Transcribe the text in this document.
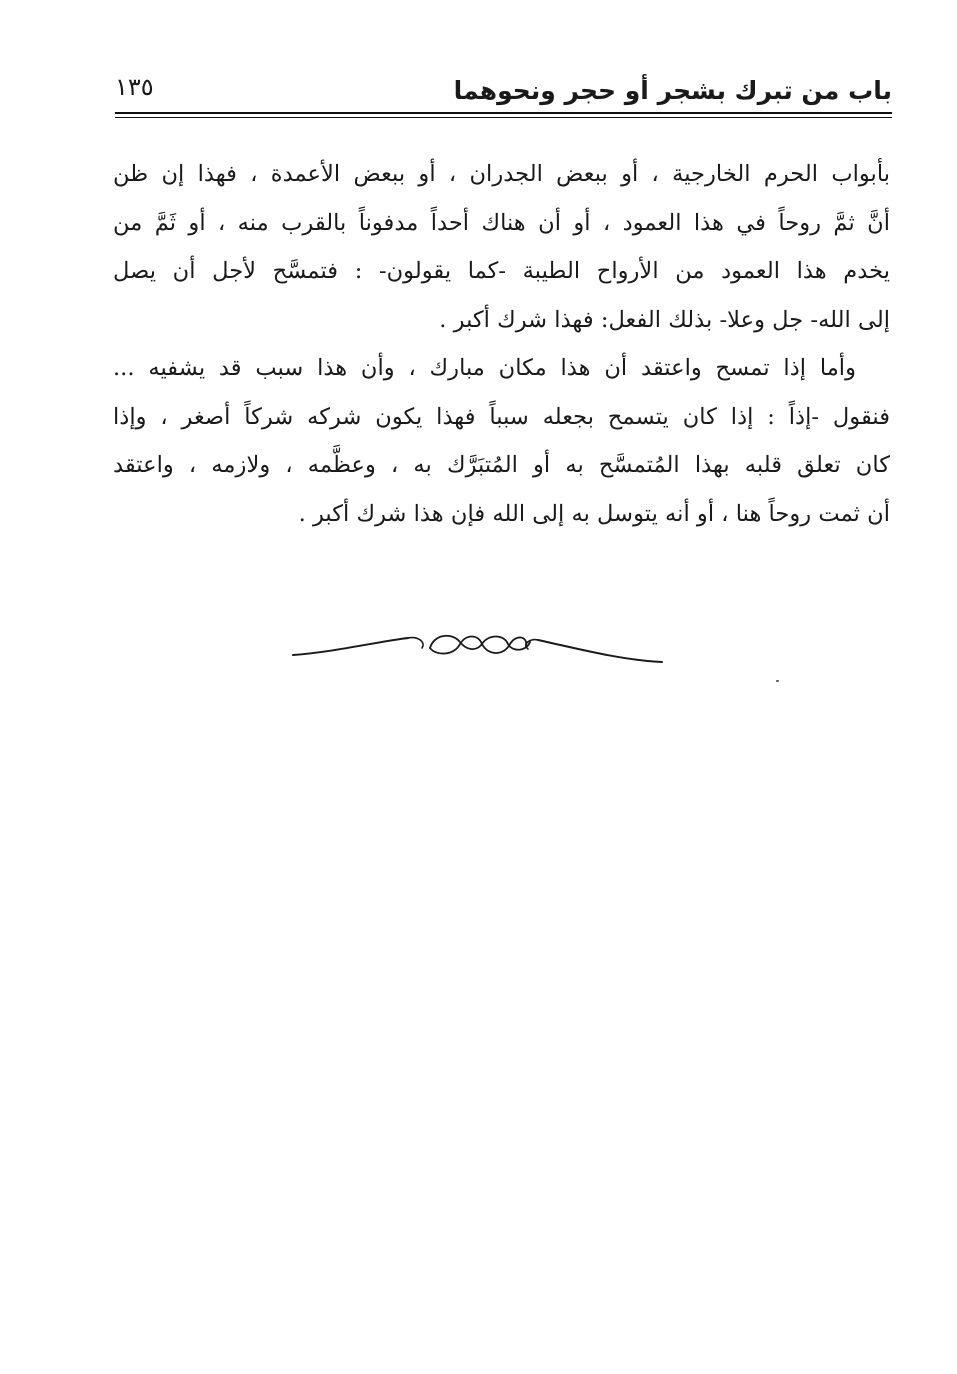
باب من تبرك بشجر أو حجر ونحوهما
١٣٥
بأبواب الحرم الخارجية ، أو ببعض الجدران ، أو ببعض الأعمدة ، فهذا إن ظن
أنَّ ثمَّ روحاً في هذا العمود ، أو أن هناك أحداً مدفوناً بالقرب منه ، أو ثَمَّ من
يخدم هذا العمود من الأرواح الطيبة -كما يقولون- : فتمسَّح لأجل أن يصل
إلى الله- جل وعلا- بذلك الفعل: فهذا شرك أكبر .
وأما إذا تمسح واعتقد أن هذا مكان مبارك ، وأن هذا سبب قد يشفيه ...
فنقول -إذاً : إذا كان يتسمح بجعله سبباً فهذا يكون شركه شركاً أصغر ، وإذا
كان تعلق قلبه بهذا المُتمسَّح به أو المُتبَرَّك به ، وعظَّمه ، ولازمه ، واعتقد
أن ثمت روحاً هنا ، أو أنه يتوسل به إلى الله فإن هذا شرك أكبر .
